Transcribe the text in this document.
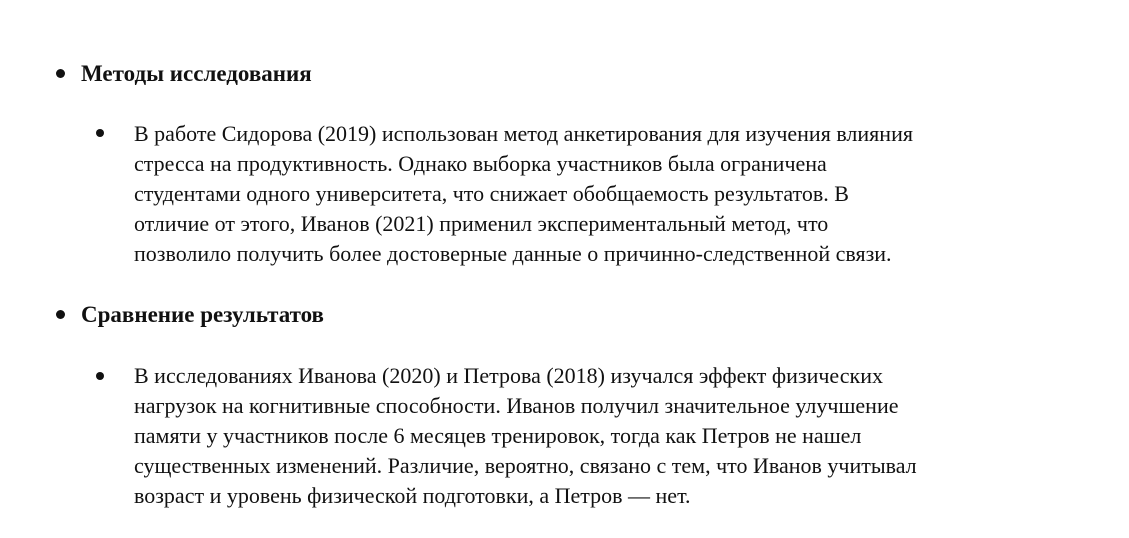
Методы исследования
В работе Сидорова (2019) использован метод анкетирования для изучения влияния
стресса на продуктивность. Однако выборка участников была ограничена
студентами одного университета, что снижает обобщаемость результатов. В
отличие от этого, Иванов (2021) применил экспериментальный метод, что
позволило получить более достоверные данные о причинно-следственной связи.
Сравнение результатов
В исследованиях Иванова (2020) и Петрова (2018) изучался эффект физических
нагрузок на когнитивные способности. Иванов получил значительное улучшение
памяти у участников после 6 месяцев тренировок, тогда как Петров не нашел
существенных изменений. Различие, вероятно, связано с тем, что Иванов учитывал
возраст и уровень физической подготовки, а Петров — нет.
